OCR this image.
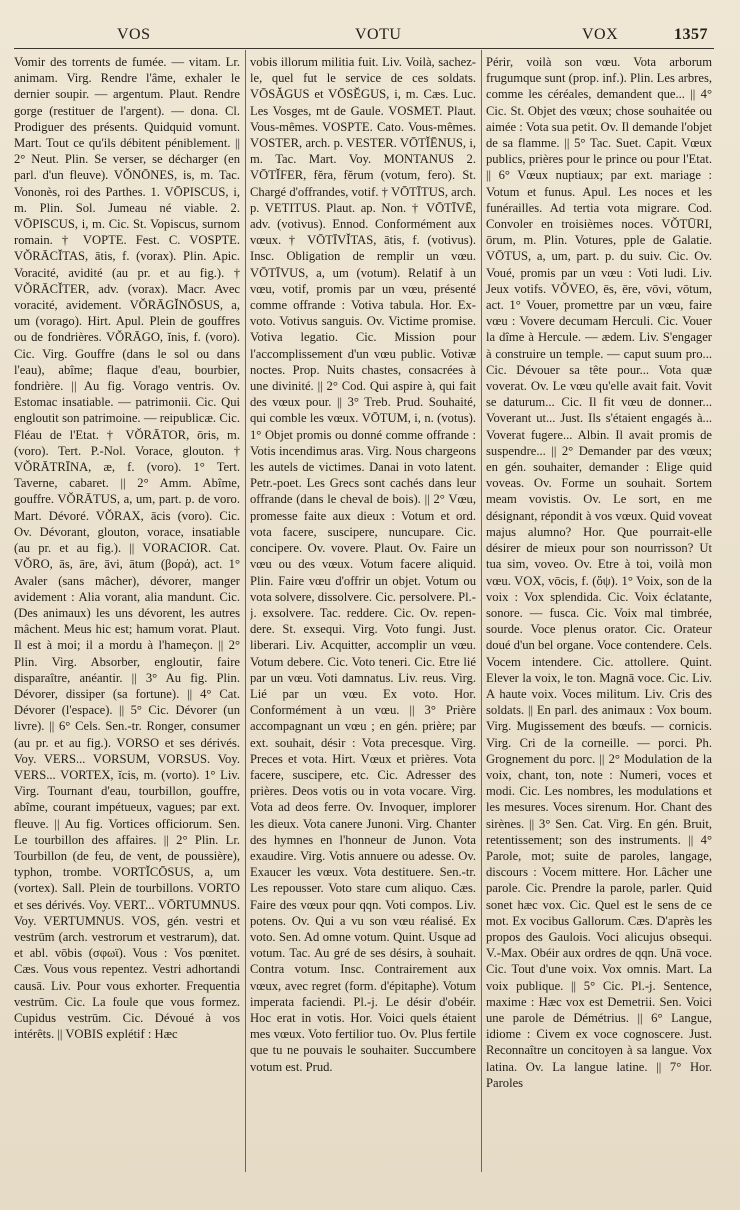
VOS	VOTU	VOX	1357

Vomir des torrents de fumée. — vitam. Lr. animam. Virg. Rendre l'âme, exhaler le dernier soupir. — argentum. Plaut. Rendre gorge (restituer de l'argent). — dona. Cl. Prodiguer des présents. Quidquid vomunt. Mart. Tout ce qu'ils débitent péniblement. || 2° Neut. Plin. Se verser, se décharger (en parl. d'un fleuve). VŎNŌNES, is, m. Tac. Vononès, roi des Parthes. 1. VŌPISCUS, i, m. Plin. Sol. Jumeau né viable. 2. VŌPISCUS, i, m. Cic. St. Vopiscus, surnom romain. † VOPTE. Fest. C. VOSPTE. VŎRĀCĬTAS, ātis, f. (vorax). Plin. Apic. Voracité, avidité (au pr. et au fig.). † VŎRĀCĬTER, adv. (vorax). Macr. Avec voracité, avidement. VŎRĀGĬNŌSUS, a, um (vorago). Hirt. Apul. Plein de gouffres ou de fondrières. VŎRĀGO, ĭnis, f. (voro). Cic. Virg. Gouffre (dans le sol ou dans l'eau), abîme; flaque d'eau, bourbier, fondrière. || Au fig. Vorago ventris. Ov. Estomac insatiable. — patrimonii. Cic. Qui engloutit son patrimoine. — reipublicæ. Cic. Fléau de l'Etat. † VŎRĀTOR, ōris, m. (voro). Tert. P.-Nol. Vorace, glouton. † VŎRĀTRĪNA, æ, f. (voro). 1° Tert. Taverne, cabaret. || 2° Amm. Abîme, gouffre. VŎRĀTUS, a, um, part. p. de voro. Mart. Dévoré. VŎRAX, ācis (voro). Cic. Ov. Dévorant, glouton, vorace, insatiable (au pr. et au fig.). || VORACIOR. Cat. VŎRO, ās, āre, āvi, ātum (βορά), act. 1° Avaler (sans mâcher), dévorer, manger avidement : Alia vorant, alia mandunt. Cic. (Des animaux) les uns dévorent, les autres mâchent. Meus hic est; hamum vorat. Plaut. Il est à moi; il a mordu à l'hameçon. || 2° Plin. Virg. Absorber, engloutir, faire disparaître, anéantir. || 3° Au fig. Plin. Dévorer, dissiper (sa fortune). || 4° Cat. Dévorer (l'espace). || 5° Cic. Dévorer (un livre). || 6° Cels. Sen.-tr. Ronger, consumer (au pr. et au fig.). VORSO et ses dérivés. Voy. VERS... VORSUM, VORSUS. Voy. VERS... VORTEX, ĭcis, m. (vorto). 1° Liv. Virg. Tournant d'eau, tourbillon, gouffre, abîme, courant impétueux, vagues; par ext. fleuve. || Au fig. Vortices officiorum. Sen. Le tourbillon des affaires. || 2° Plin. Lr. Tourbillon (de feu, de vent, de poussière), typhon, trombe. VORTĬCŌSUS, a, um (vortex). Sall. Plein de tourbillons. VORTO et ses dérivés. Voy. VERT... VŌRTUMNUS. Voy. VERTUMNUS. VOS, gén. vestri et vestrūm (arch. vestrorum et vestrarum), dat. et abl. vōbis (σφωϊ). Vous : Vos pœnitet. Cæs. Vous vous repentez. Vestri adhortandi causā. Liv. Pour vous exhorter. Frequentia vestrūm. Cic. La foule que vous formez. Cupidus vestrūm. Cic. Dévoué à vos intérêts. || VOBIS explétif : Hæc

vobis illorum militia fuit. Liv. Voilà, sachez-le, quel fut le service de ces soldats. VŌSĂGUS et VŌSĔGUS, i, m. Cæs. Luc. Les Vosges, mt de Gaule. VOSMET. Plaut. Vous-mêmes. VOSPTE. Cato. Vous-mêmes. VOSTER, arch. p. VESTER. VŌTĬĒNUS, i, m. Tac. Mart. Voy. MONTANUS 2. VŌTĬFER, fĕra, fĕrum (votum, fero). St. Chargé d'offrandes, votif. † VŌTĪTUS, arch. p. VETITUS. Plaut. ap. Non. † VŌTĪVĒ, adv. (votivus). Ennod. Conformément aux vœux. † VŌTĪVĬTAS, ātis, f. (votivus). Insc. Obligation de remplir un vœu. VŌTĪVUS, a, um (votum). Relatif à un vœu, votif, promis par un vœu, présenté comme offrande : Votiva tabula. Hor. Ex-voto. Votivus sanguis. Ov. Victime promise. Votiva legatio. Cic. Mission pour l'accomplissement d'un vœu public. Votivæ noctes. Prop. Nuits chastes, consacrées à une divinité. || 2° Cod. Qui aspire à, qui fait des vœux pour. || 3° Treb. Prud. Souhaité, qui comble les vœux. VŌTUM, i, n. (votus). 1° Objet promis ou donné comme offrande : Votis incendimus aras. Virg. Nous chargeons les autels de victimes. Danai in voto latent. Petr.-poet. Les Grecs sont cachés dans leur offrande (dans le cheval de bois). || 2° Vœu, promesse faite aux dieux : Votum et ord. vota facere, suscipere, nuncupare. Cic. concipere. Ov. vovere. Plaut. Ov. Faire un vœu ou des vœux. Votum facere aliquid. Plin. Faire vœu d'offrir un objet. Votum ou vota solvere, dissolvere. Cic. persolvere. Pl.-j. exsolvere. Tac. reddere. Cic. Ov. rependere. St. exsequi. Virg. Voto fungi. Just. liberari. Liv. Acquitter, accomplir un vœu. Votum debere. Cic. Voto teneri. Cic. Etre lié par un vœu. Voti damnatus. Liv. reus. Virg. Lié par un vœu. Ex voto. Hor. Conformément à un vœu. || 3° Prière accompagnant un vœu ; en gén. prière; par ext. souhait, désir : Vota precesque. Virg. Preces et vota. Hirt. Vœux et prières. Vota facere, suscipere, etc. Cic. Adresser des prières. Deos votis ou in vota vocare. Virg. Vota ad deos ferre. Ov. Invoquer, implorer les dieux. Vota canere Junoni. Virg. Chanter des hymnes en l'honneur de Junon. Vota exaudire. Virg. Votis annuere ou adesse. Ov. Exaucer les vœux. Vota destituere. Sen.-tr. Les repousser. Voto stare cum aliquo. Cæs. Faire des vœux pour qqn. Voti compos. Liv. potens. Ov. Qui a vu son vœu réalisé. Ex voto. Sen. Ad omne votum. Quint. Usque ad votum. Tac. Au gré de ses désirs, à souhait. Contra votum. Insc. Contrairement aux vœux, avec regret (form. d'épitaphe). Votum imperata faciendi. Pl.-j. Le désir d'obéir. Hoc erat in votis. Hor. Voici quels étaient mes vœux. Voto fertilior tuo. Ov. Plus fertile que tu ne pouvais le souhaiter. Succumbere votum est. Prud.

Périr, voilà son vœu. Vota arborum frugumque sunt (prop. inf.). Plin. Les arbres, comme les céréales, demandent que... || 4° Cic. St. Objet des vœux; chose souhaitée ou aimée : Vota sua petit. Ov. Il demande l'objet de sa flamme. || 5° Tac. Suet. Capit. Vœux publics, prières pour le prince ou pour l'Etat. || 6° Vœux nuptiaux; par ext. mariage : Votum et funus. Apul. Les noces et les funérailles. Ad tertia vota migrare. Cod. Convoler en troisièmes noces. VŎTŪRI, ōrum, m. Plin. Votures, pple de Galatie. VŌTUS, a, um, part. p. du suiv. Cic. Ov. Voué, promis par un vœu : Voti ludi. Liv. Jeux votifs. VŎVEO, ēs, ēre, vōvi, vōtum, act. 1° Vouer, promettre par un vœu, faire vœu : Vovere decumam Herculi. Cic. Vouer la dîme à Hercule. — ædem. Liv. S'engager à construire un temple. — caput suum pro... Cic. Dévouer sa tête pour... Vota quæ voverat. Ov. Le vœu qu'elle avait fait. Vovit se daturum... Cic. Il fit vœu de donner... Voverant ut... Just. Ils s'étaient engagés à... Voverat fugere... Albin. Il avait promis de suspendre... || 2° Demander par des vœux; en gén. souhaiter, demander : Elige quid voveas. Ov. Forme un souhait. Sortem meam vovistis. Ov. Le sort, en me désignant, répondit à vos vœux. Quid voveat majus alumno? Hor. Que pourrait-elle désirer de mieux pour son nourrisson? Ut tua sim, voveo. Ov. Etre à toi, voilà mon vœu. VOX, vōcis, f. (ὄψ). 1° Voix, son de la voix : Vox splendida. Cic. Voix éclatante, sonore. — fusca. Cic. Voix mal timbrée, sourde. Voce plenus orator. Cic. Orateur doué d'un bel organe. Voce contendere. Cels. Vocem intendere. Cic. attollere. Quint. Elever la voix, le ton. Magnā voce. Cic. Liv. A haute voix. Voces militum. Liv. Cris des soldats. || En parl. des animaux : Vox boum. Virg. Mugissement des bœufs. — cornicis. Virg. Cri de la corneille. — porci. Ph. Grognement du porc. || 2° Modulation de la voix, chant, ton, note : Numeri, voces et modi. Cic. Les nombres, les modulations et les mesures. Voces sirenum. Hor. Chant des sirènes. || 3° Sen. Cat. Virg. En gén. Bruit, retentissement; son des instruments. || 4° Parole, mot; suite de paroles, langage, discours : Vocem mittere. Hor. Lâcher une parole. Cic. Prendre la parole, parler. Quid sonet hæc vox. Cic. Quel est le sens de ce mot. Ex vocibus Gallorum. Cæs. D'après les propos des Gaulois. Voci alicujus obsequi. V.-Max. Obéir aux ordres de qqn. Unā voce. Cic. Tout d'une voix. Vox omnis. Mart. La voix publique. || 5° Cic. Pl.-j. Sentence, maxime : Hæc vox est Demetrii. Sen. Voici une parole de Démétrius. || 6° Langue, idiome : Civem ex voce cognoscere. Just. Reconnaître un concitoyen à sa langue. Vox latina. Ov. La langue latine. || 7° Hor. Paroles
